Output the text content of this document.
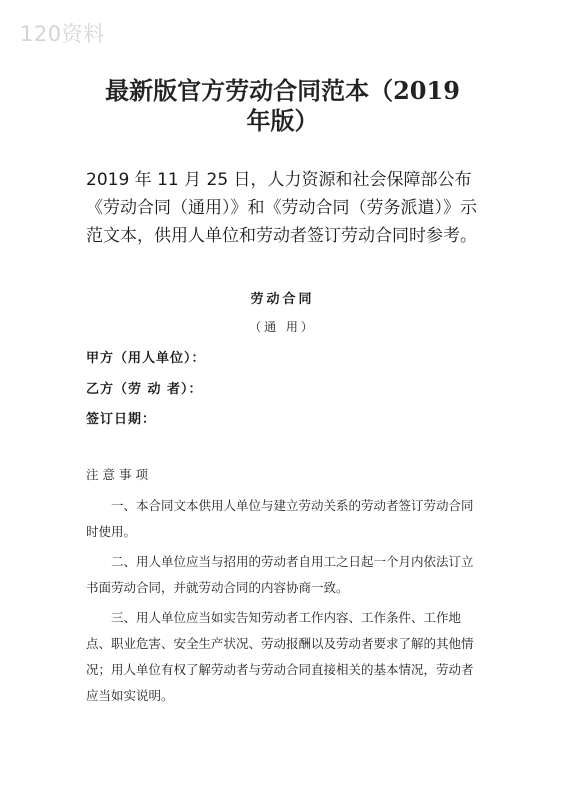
120资料
最新版官方劳动合同范本（2019 年版）
2019 年 11 月 25 日，人力资源和社会保障部公布《劳动合同（通用）》和《劳动合同（劳务派遣）》示范文本，供用人单位和劳动者签订劳动合同时参考。
劳动合同
（通 用）
甲方（用人单位）：
乙方（劳 动 者）：
签订日期：
注意事项

一、本合同文本供用人单位与建立劳动关系的劳动者签订劳动合同时使用。

二、用人单位应当与招用的劳动者自用工之日起一个月内依法订立书面劳动合同，并就劳动合同的内容协商一致。

三、用人单位应当如实告知劳动者工作内容、工作条件、工作地点、职业危害、安全生产状况、劳动报酬以及劳动者要求了解的其他情况；用人单位有权了解劳动者与劳动合同直接相关的基本情况，劳动者应当如实说明。
